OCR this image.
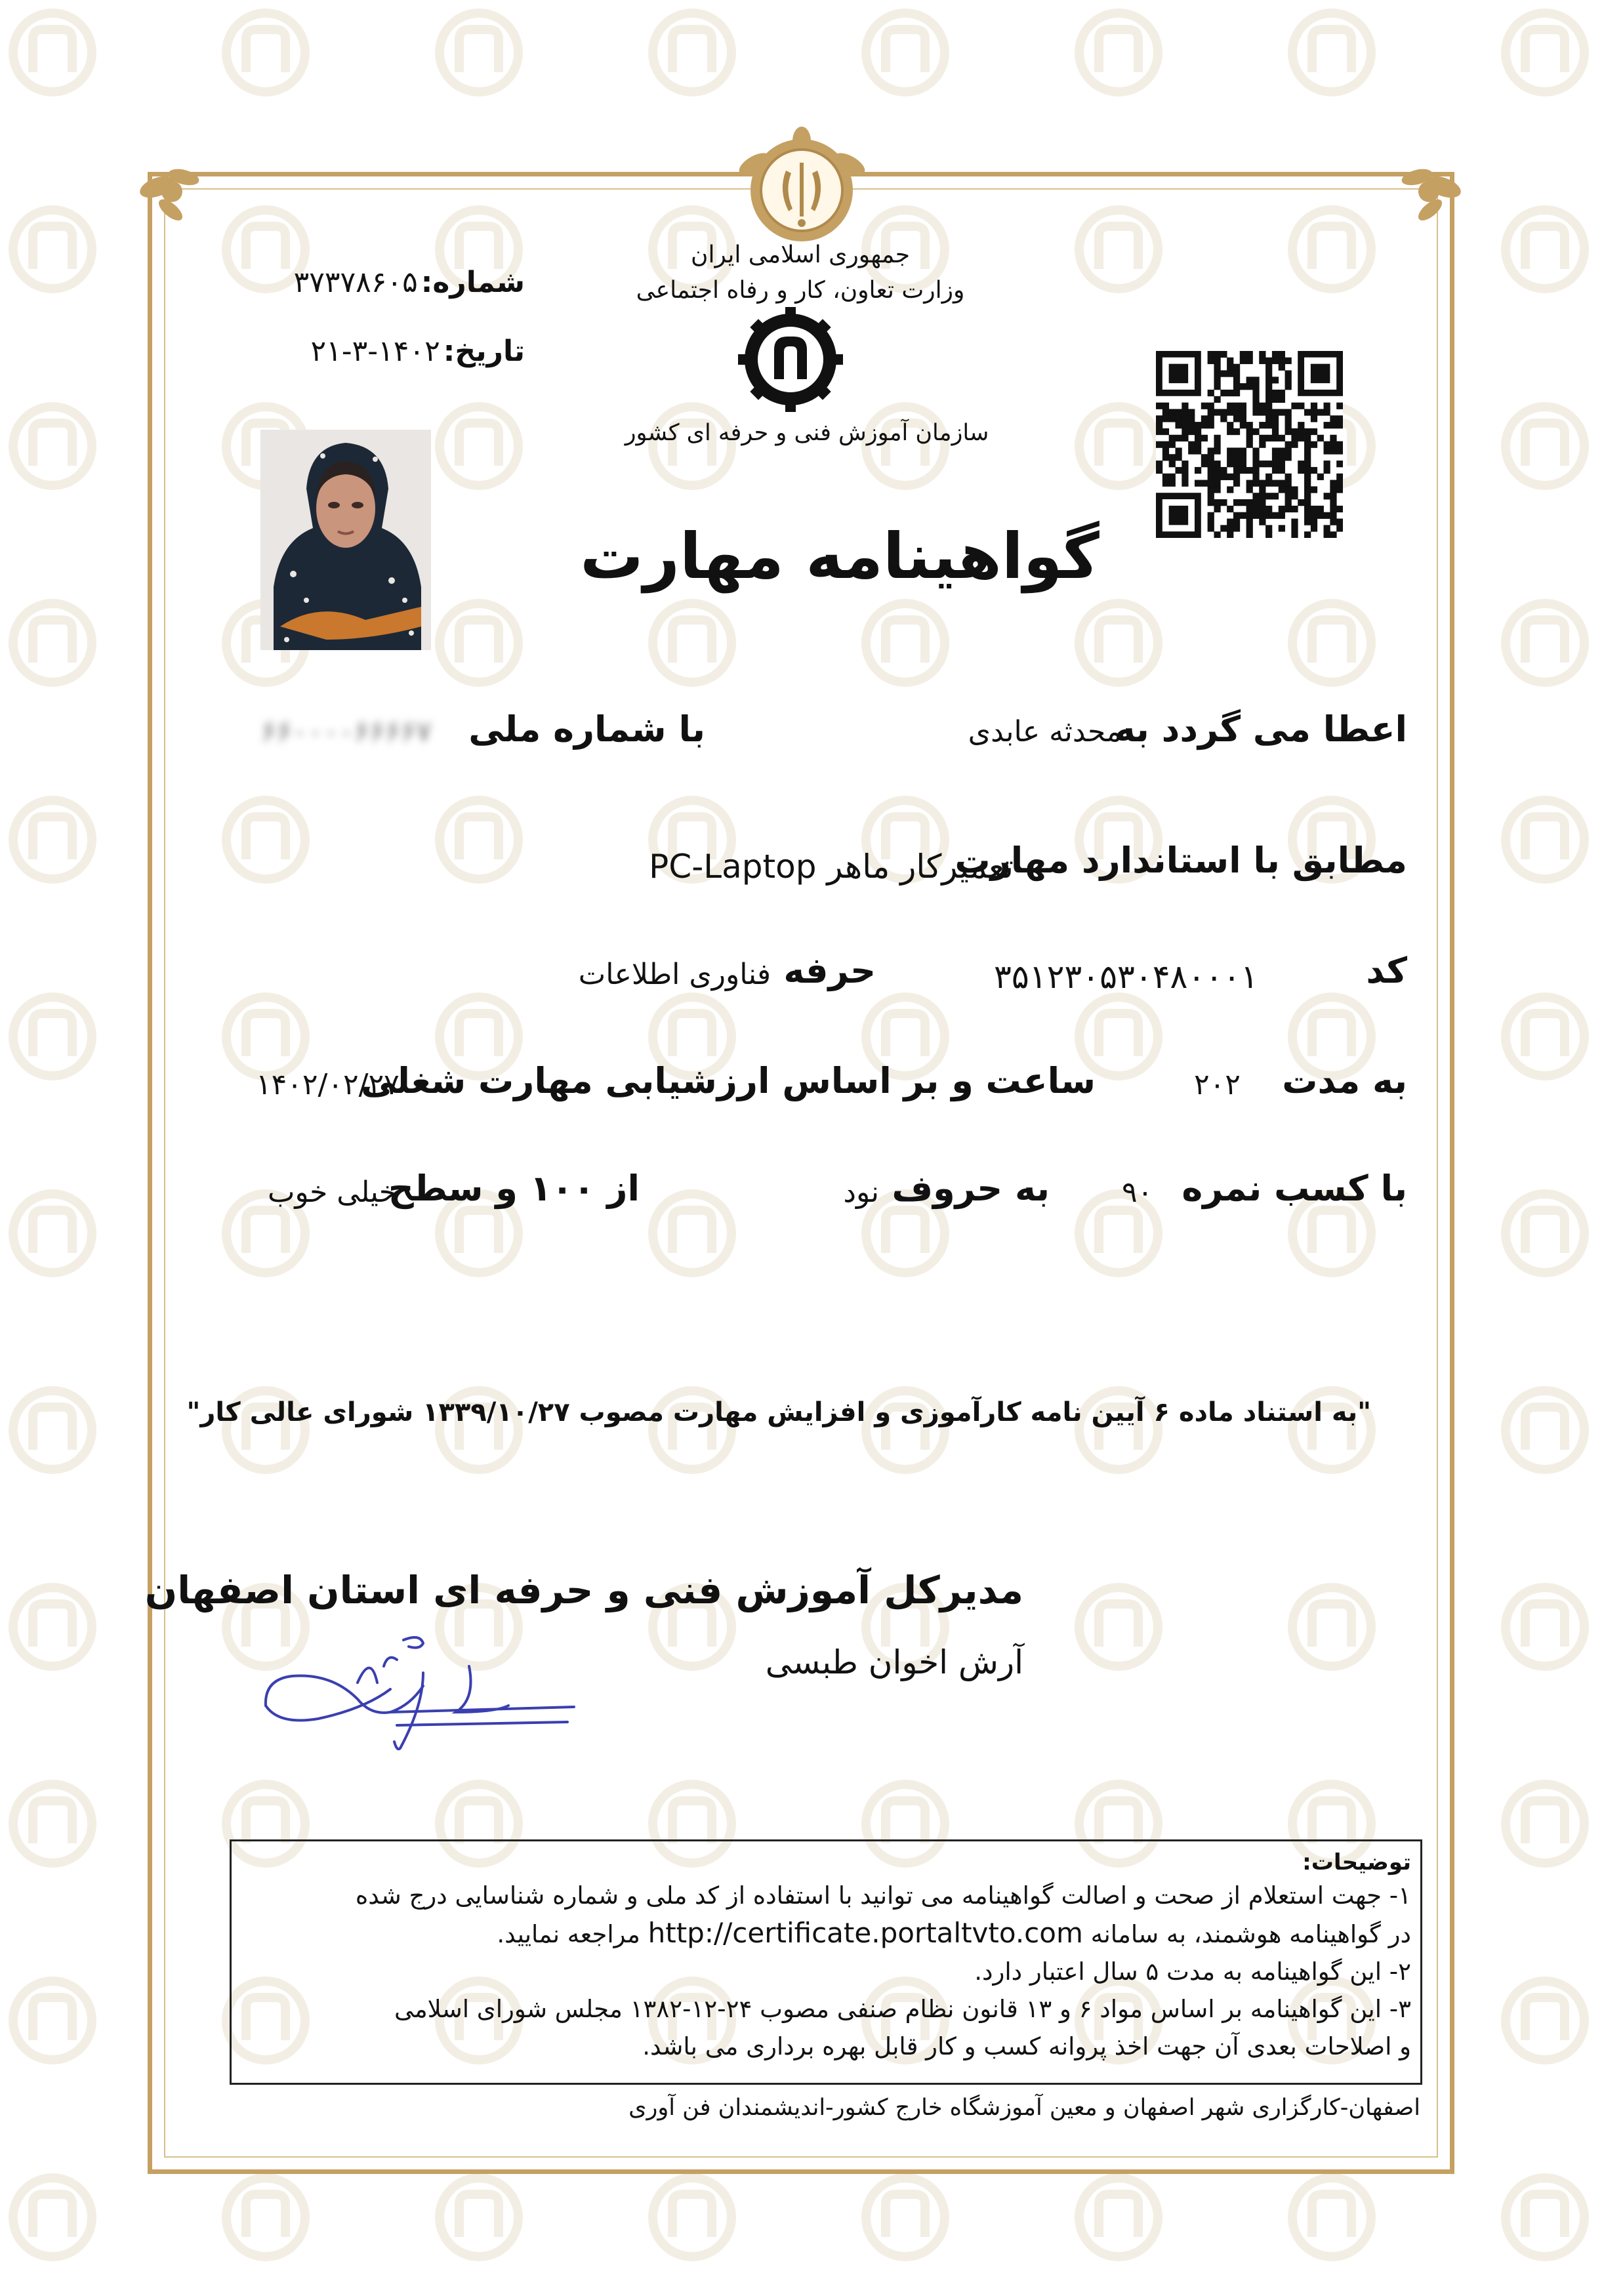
جمهوری اسلامی ایران
وزارت تعاون، کار و رفاه اجتماعی
سازمان آموزش فنی و حرفه ای کشور
شماره: ۳۷۳۷۸۶۰۵
تاریخ: ۱۴۰۲-۳-۲۱
گواهینامه مهارت
اعطا می گردد به
محدثه عابدی
با شماره ملی
۶۶۰۰۰۰۶۶۶۶۷
مطابق با استاندارد مهارت
تعمیرکار ماهر PC-Laptop
کد
۳۵۱۲۳۰۵۳۰۴۸۰۰۰۱
حرفه
فناوری اطلاعات
به مدت
۲۰۲
ساعت و بر اساس ارزشیابی مهارت شغلی
۱۴۰۲/۰۲/۲۷
با کسب نمره
۹۰
به حروف
نود
از ۱۰۰ و سطح
خیلی خوب
"به استناد ماده ۶ آیین نامه کارآموزی و افزایش مهارت مصوب ۱۳۳۹/۱۰/۲۷ شورای عالی کار"
مدیرکل آموزش فنی و حرفه ای استان اصفهان
آرش اخوان طبسی
توضیحات:
۱- جهت استعلام از صحت و اصالت گواهینامه می توانید با استفاده از کد ملی و شماره شناسایی درج شده
در گواهینامه هوشمند، به سامانه http://certificate.portaltvto.com مراجعه نمایید.
۲- این گواهینامه به مدت ۵ سال اعتبار دارد.
۳- این گواهینامه بر اساس مواد ۶ و ۱۳ قانون نظام صنفی مصوب ۲۴-۱۲-۱۳۸۲ مجلس شورای اسلامی
و اصلاحات بعدی آن جهت اخذ پروانه کسب و کار قابل بهره برداری می باشد.
اصفهان-کارگزاری شهر اصفهان و معین آموزشگاه خارج کشور-اندیشمندان فن آوری
